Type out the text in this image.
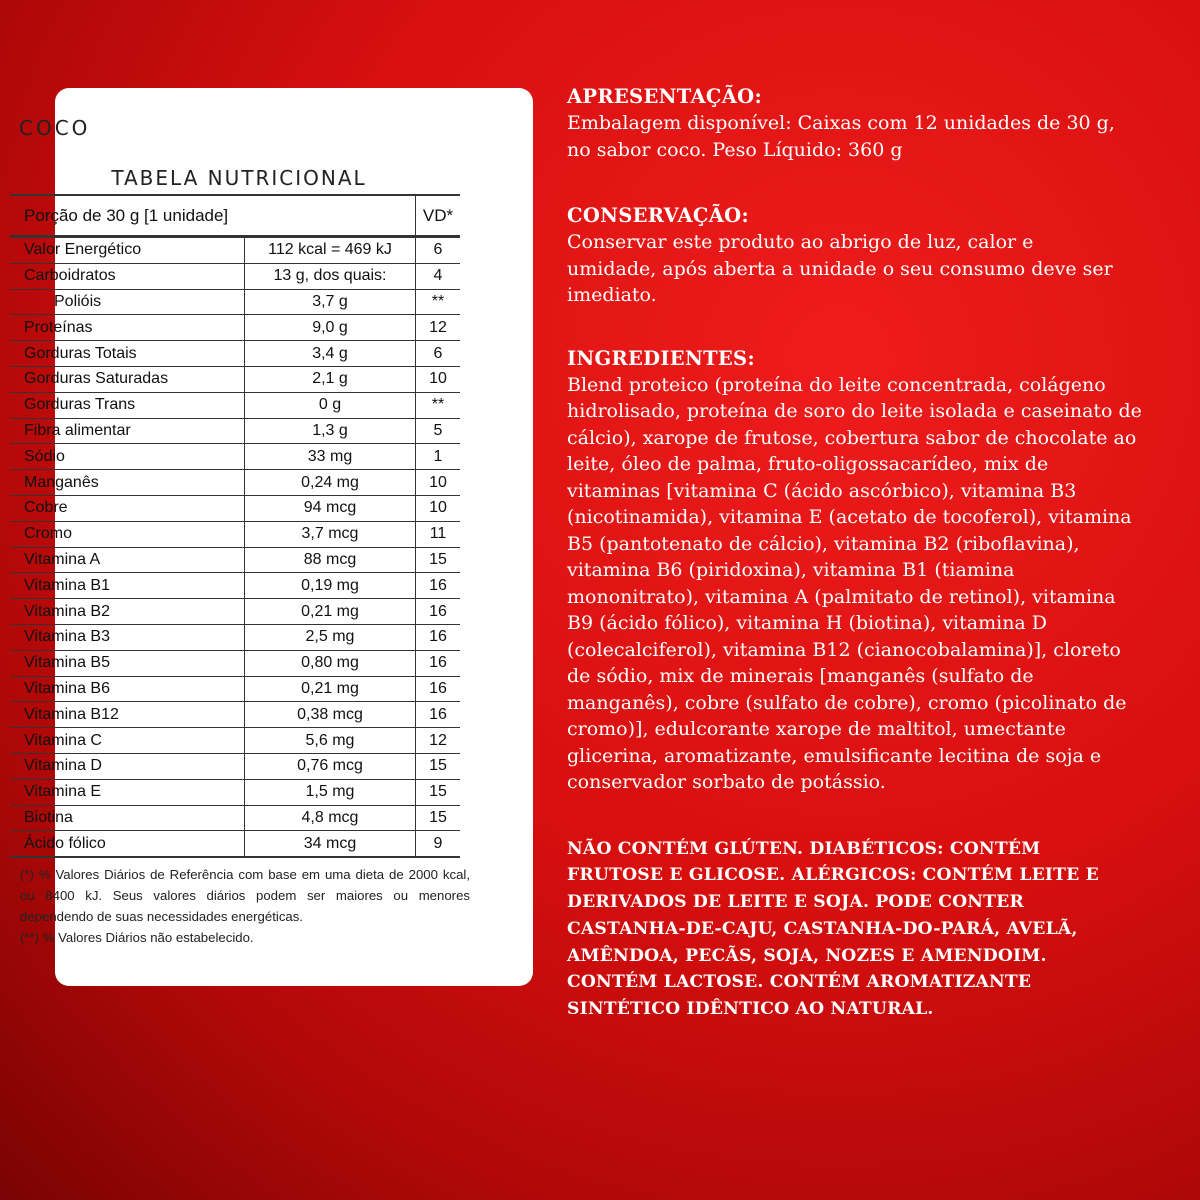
COCO
TABELA NUTRICIONAL
Porção de 30 g [1 unidade]		VD*
Valor Energético	112 kcal = 469 kJ	6
Carboidratos	13 g, dos quais:	4
Polióis	3,7 g	**
Proteínas	9,0 g	12
Gorduras Totais	3,4 g	6
Gorduras Saturadas	2,1 g	10
Gorduras Trans	0 g	**
Fibra alimentar	1,3 g	5
Sódio	33 mg	1
Manganês	0,24 mg	10
Cobre	94 mcg	10
Cromo	3,7 mcg	11
Vitamina A	88 mcg	15
Vitamina B1	0,19 mg	16
Vitamina B2	0,21 mg	16
Vitamina B3	2,5 mg	16
Vitamina B5	0,80 mg	16
Vitamina B6	0,21 mg	16
Vitamina B12	0,38 mcg	16
Vitamina C	5,6 mg	12
Vitamina D	0,76 mcg	15
Vitamina E	1,5 mg	15
Biotina	4,8 mcg	15
Ácido fólico	34 mcg	9
(*) % Valores Diários de Referência com base em uma dieta de 2000 kcal, ou 8400 kJ. Seus valores diários podem ser maiores ou menores dependendo de suas necessidades energéticas.
(**) % Valores Diários não estabelecido.

APRESENTAÇÃO:

Embalagem disponível: Caixas com 12 unidades de 30 g, no sabor coco. Peso Líquido: 360 g

CONSERVAÇÃO:

Conservar este produto ao abrigo de luz, calor e umidade, após aberta a unidade o seu consumo deve ser imediato.

INGREDIENTES:

Blend proteico (proteína do leite concentrada, colágeno hidrolisado, proteína de soro do leite isolada e caseinato de cálcio), xarope de frutose, cobertura sabor de chocolate ao leite, óleo de palma, fruto-oligossacarídeo, mix de vitaminas [vitamina C (ácido ascórbico), vitamina B3 (nicotinamida), vitamina E (acetato de tocoferol), vitamina B5 (pantotenato de cálcio), vitamina B2 (riboflavina), vitamina B6 (piridoxina), vitamina B1 (tiamina mononitrato), vitamina A (palmitato de retinol), vitamina B9 (ácido fólico), vitamina H (biotina), vitamina D (colecalciferol), vitamina B12 (cianocobalamina)], cloreto de sódio, mix de minerais [manganês (sulfato de manganês), cobre (sulfato de cobre), cromo (picolinato de cromo)], edulcorante xarope de maltitol, umectante glicerina, aromatizante, emulsificante lecitina de soja e conservador sorbato de potássio.

NÃO CONTÉM GLÚTEN. DIABÉTICOS: CONTÉM FRUTOSE E GLICOSE. ALÉRGICOS: CONTÉM LEITE E DERIVADOS DE LEITE E SOJA. PODE CONTER CASTANHA-DE-CAJU, CASTANHA-DO-PARÁ, AVELÃ, AMÊNDOA, PECÃS, SOJA, NOZES E AMENDOIM. CONTÉM LACTOSE. CONTÉM AROMATIZANTE SINTÉTICO IDÊNTICO AO NATURAL.
